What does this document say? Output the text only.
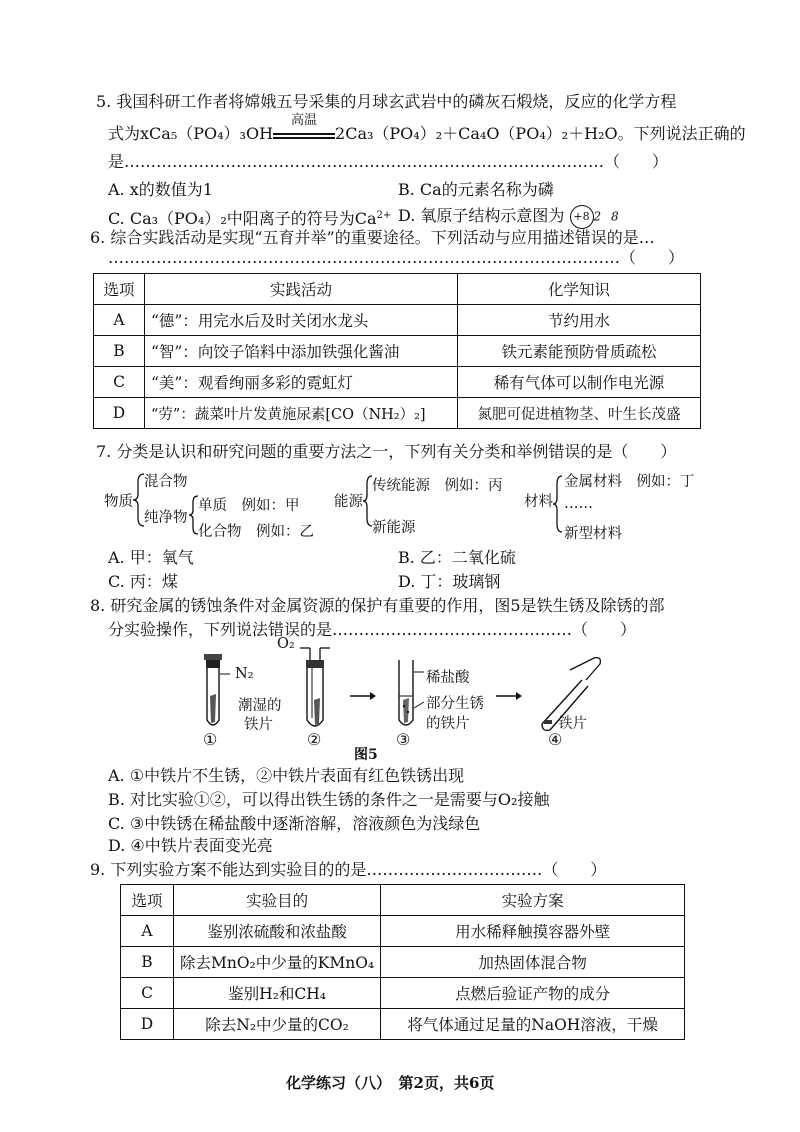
5. 我国科研工作者将嫦娥五号采集的月球玄武岩中的磷灰石煅烧，反应的化学方程
式为xCa₅（PO₄）₃OH
高温
2Ca₃（PO₄）₂＋Ca₄O（PO₄）₂＋H₂O。下列说法正确的
是………………………………………………………………………………（　　）
A. x的数值为1	B. Ca的元素名称为磷
C. Ca₃（PO₄）₂中阳离子的符号为$Ca^{2+}$ D. 氧原子结构示意图为 +8 2 8
6. 综合实践活动是实现“五育并举”的重要途径。下列活动与应用描述错误的是…
……………………………………………………………………………………（　　）
选项	实践活动	化学知识
A	“德”：用完水后及时关闭水龙头	节约用水
B	“智”：向饺子馅料中添加铁强化酱油	铁元素能预防骨质疏松
C	“美”：观看绚丽多彩的霓虹灯	稀有气体可以制作电光源
D	“劳”：蔬菜叶片发黄施尿素[CO（NH₂）₂]	氮肥可促进植物茎、叶生长茂盛
7. 分类是认识和研究问题的重要方法之一，下列有关分类和举例错误的是（　　）
物质
混合物
纯净物
单质　例如：甲
化合物　例如：乙
能源
传统能源　例如：丙
新能源
材料
金属材料　例如：丁
……
新型材料
A. 甲：氧气	B. 乙：二氧化硫
C. 丙：煤	D. 丁：玻璃钢
8. 研究金属的锈蚀条件对金属资源的保护有重要的作用，图5是铁生锈及除锈的部
分实验操作，下列说法错误的是………………………………………（　　）
N₂
O₂
潮湿的
铁片
稀盐酸
部分生锈
的铁片	铁片
①	②	③	④
图5
A. ①中铁片不生锈，②中铁片表面有红色铁锈出现
B. 对比实验①②，可以得出铁生锈的条件之一是需要与O₂接触
C. ③中铁锈在稀盐酸中逐渐溶解，溶液颜色为浅绿色
D. ④中铁片表面变光亮
9. 下列实验方案不能达到实验目的的是……………………………（　　）
选项	实验目的	实验方案
A	鉴别浓硫酸和浓盐酸	用水稀释触摸容器外壁
B	除去MnO₂中少量的KMnO₄	加热固体混合物
C	鉴别H₂和CH₄	点燃后验证产物的成分
D	除去N₂中少量的CO₂	将气体通过足量的NaOH溶液，干燥
化学练习（八）　第2页，共6页
